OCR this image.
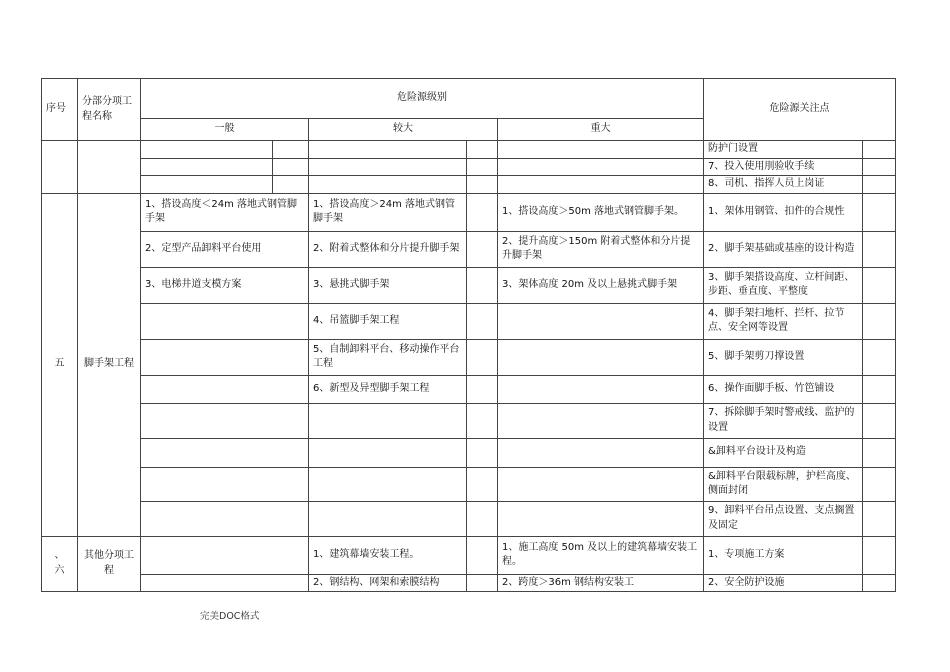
序号	分部分项工程名称	危险源级别					危险源关注点	
		一般		较大		重大		
							防护门设置	
							7、投入使用刖验收手续	
							8、司机、指挥人员上岗证	
五	脚手架工程	1、搭设高度＜24m 落地式钢管脚手架		1、搭设高度＞24m 落地式钢管脚手架		1、搭设高度＞50m 落地式钢管脚手架。	1、架体用钢管、扣件的合规性	
		2、定型产品卸料平台使用		2、附着式整体和分片提升脚手架		2、提升高度＞150m 附着式整体和分片提升脚手架	2、脚手架基础或基座的设计构造	
		3、电梯井道支模方案		3、悬挑式脚手架		3、架体高度 20m 及以上悬挑式脚手架	3、脚手架搭设高度、立杆间距、步距、垂直度、平整度	
				4、吊篮脚手架工程			4、脚手架扫地杆、拦杆、拉节点、安全网等设置	
				5、自制卸料平台、移动操作平台工程			5、脚手架剪刀撑设置	
				6、新型及异型脚手架工程			6、操作面脚手板、竹笆铺设	
							7、拆除脚手架时警戒线、监护的设置	
							&卸料平台设计及构造	
							&卸料平台限载标牌，护栏高度、侧面封闭	
							9、卸料平台吊点设置、支点搁置及固定	

、
六	其他分项工程			1、建筑幕墙安装工程。		1、施工高度 50m 及以上的建筑幕墙安装工程。	1、专项施工方案	
				2、钢结构、网架和索膜结构		2、跨度＞36m 钢结构安装工	2、安全防护设施	
完美DOC格式
